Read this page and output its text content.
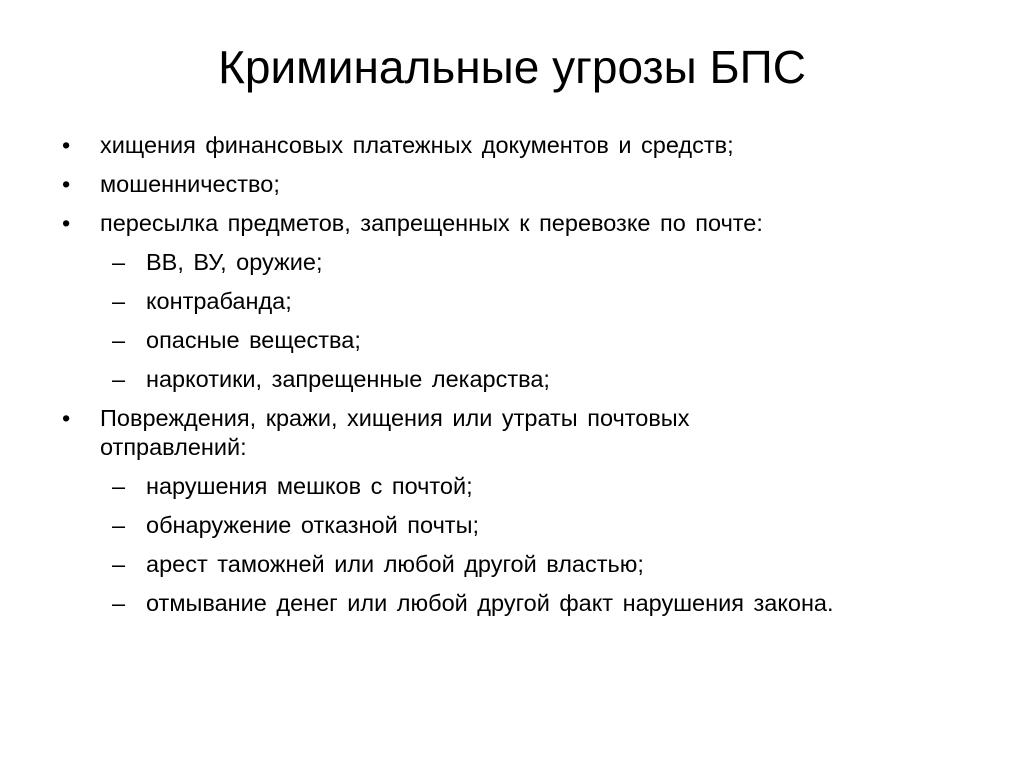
Криминальные угрозы БПС
• хищения финансовых платежных документов и средств;
• мошенничество;
• пересылка предметов, запрещенных к перевозке по почте:
– ВВ, ВУ, оружие;
– контрабанда;
– опасные вещества;
– наркотики, запрещенные лекарства;
• Повреждения, кражи, хищения или утраты почтовых отправлений:
– нарушения мешков с почтой;
– обнаружение отказной почты;
– арест таможней или любой другой властью;
– отмывание денег или любой другой факт нарушения закона.
